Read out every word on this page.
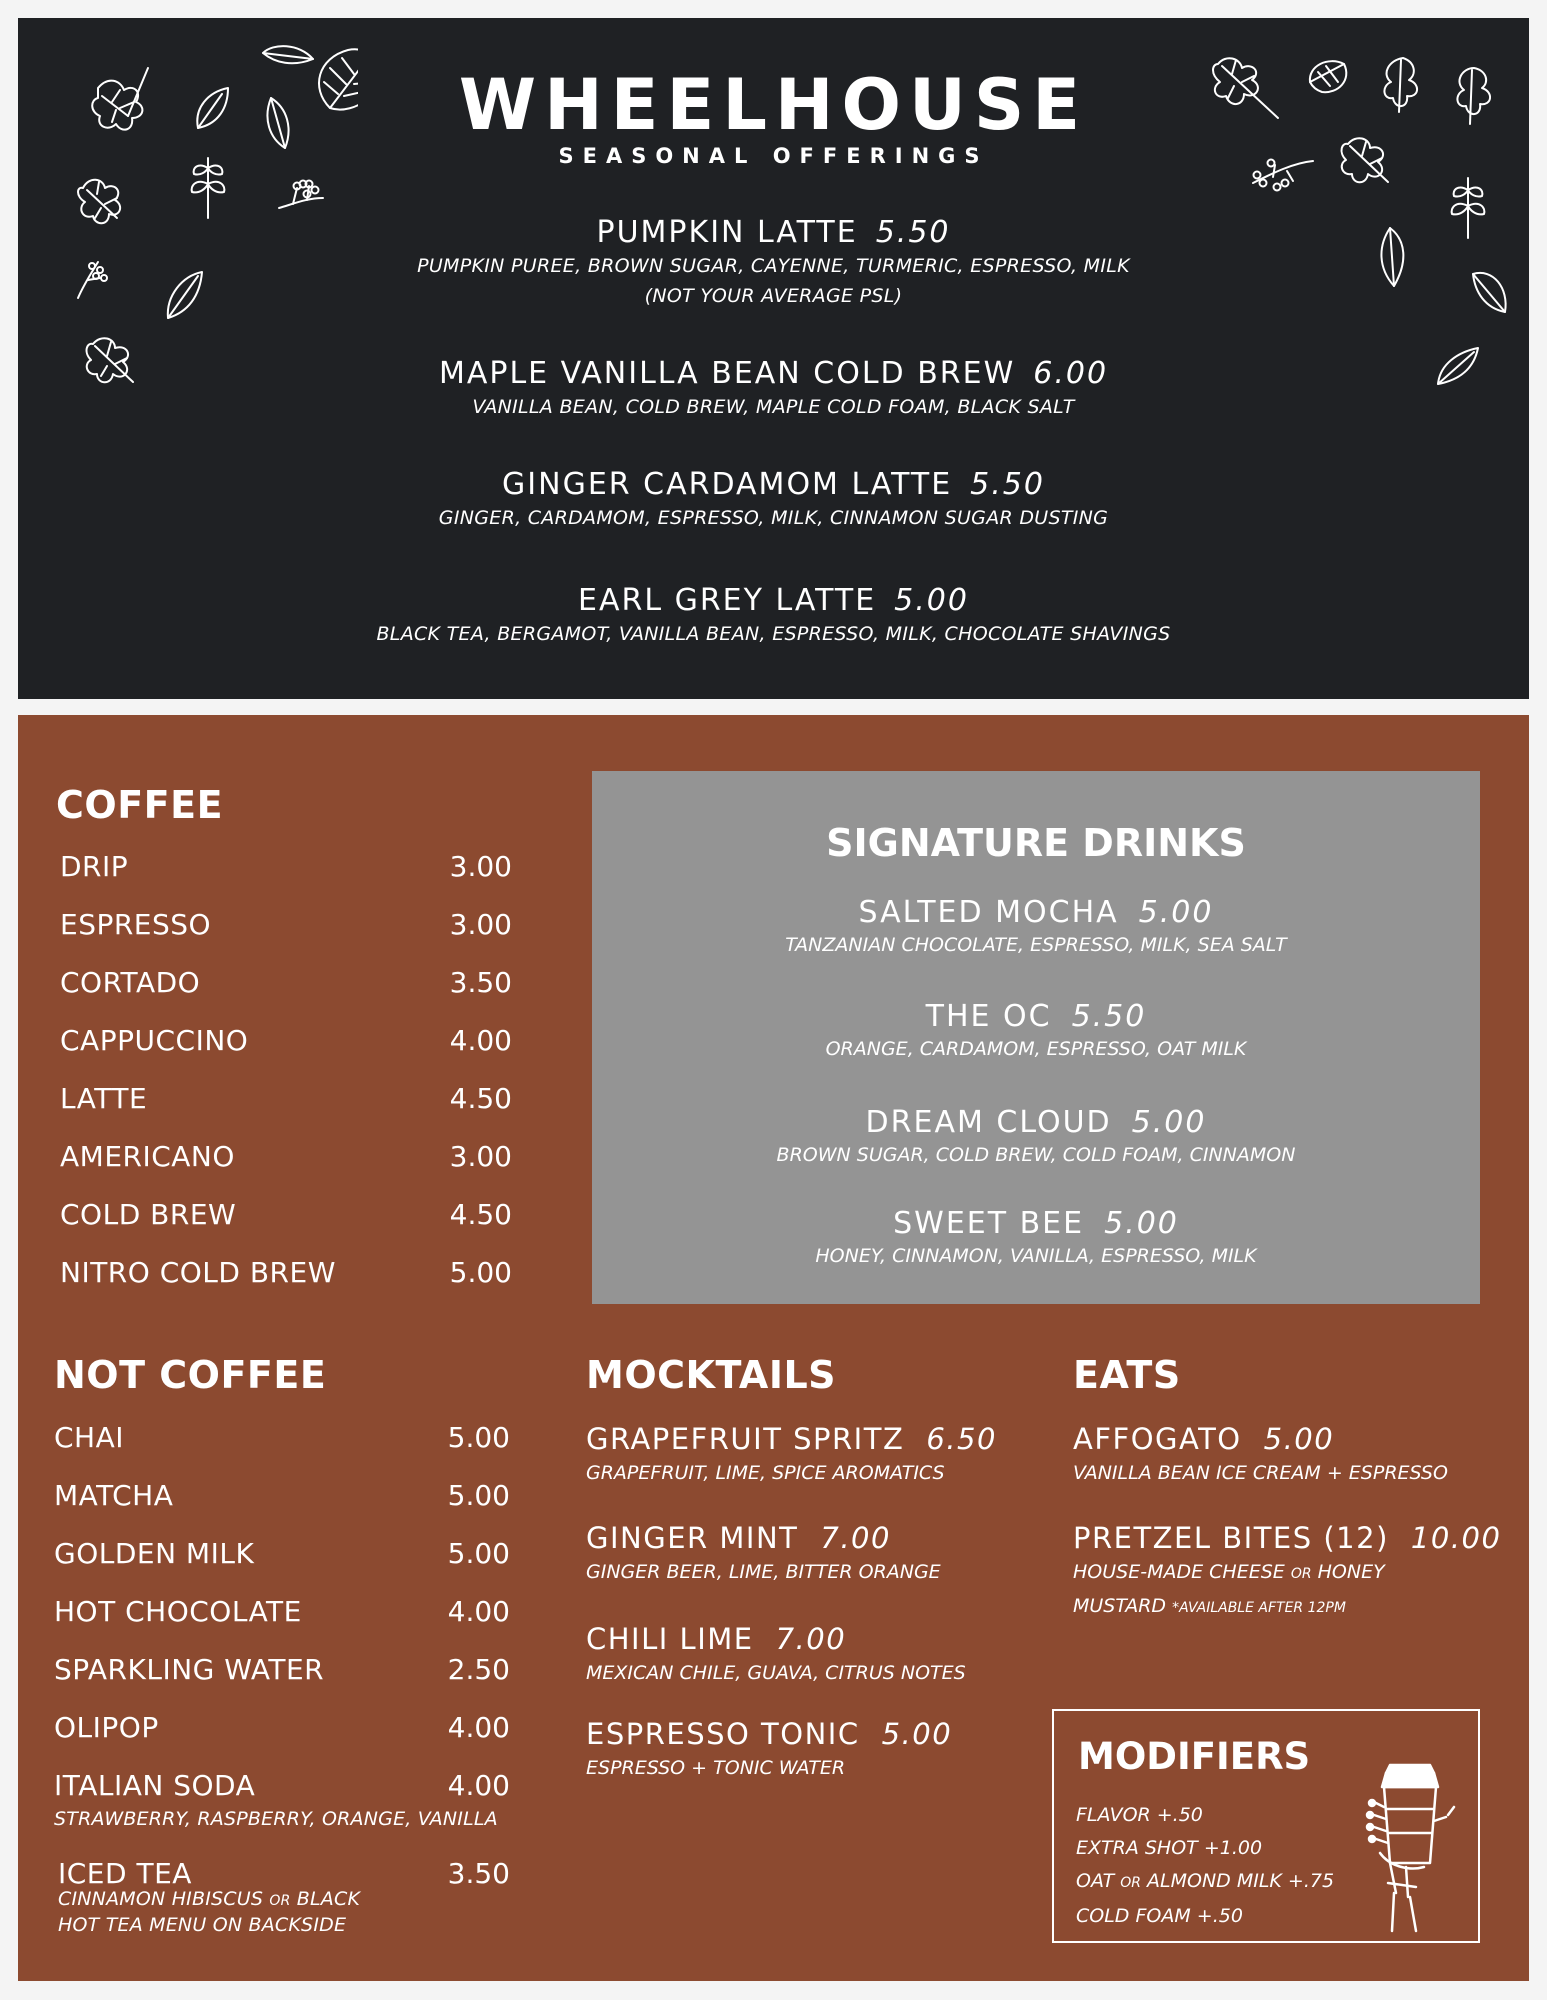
WHEELHOUSE
SEASONAL OFFERINGS
PUMPKIN LATTE 5.50
PUMPKIN PUREE, BROWN SUGAR, CAYENNE, TURMERIC, ESPRESSO, MILK
(NOT YOUR AVERAGE PSL)
MAPLE VANILLA BEAN COLD BREW 6.00
VANILLA BEAN, COLD BREW, MAPLE COLD FOAM, BLACK SALT
GINGER CARDAMOM LATTE 5.50
GINGER, CARDAMOM, ESPRESSO, MILK, CINNAMON SUGAR DUSTING
EARL GREY LATTE 5.00
BLACK TEA, BERGAMOT, VANILLA BEAN, ESPRESSO, MILK, CHOCOLATE SHAVINGS
COFFEE
DRIP	3.00
ESPRESSO	3.00
CORTADO	3.50
CAPPUCCINO	4.00
LATTE	4.50
AMERICANO	3.00
COLD BREW	4.50
NITRO COLD BREW	5.00
SIGNATURE DRINKS
SALTED MOCHA 5.00
TANZANIAN CHOCOLATE, ESPRESSO, MILK, SEA SALT
THE OC 5.50
ORANGE, CARDAMOM, ESPRESSO, OAT MILK
DREAM CLOUD 5.00
BROWN SUGAR, COLD BREW, COLD FOAM, CINNAMON
SWEET BEE 5.00
HONEY, CINNAMON, VANILLA, ESPRESSO, MILK
NOT COFFEE
CHAI	5.00
MATCHA	5.00
GOLDEN MILK	5.00
HOT CHOCOLATE	4.00
SPARKLING WATER	2.50
OLIPOP	4.00
ITALIAN SODA	4.00
STRAWBERRY, RASPBERRY, ORANGE, VANILLA
ICED TEA	3.50
CINNAMON HIBISCUS OR BLACK
HOT TEA MENU ON BACKSIDE
MOCKTAILS
GRAPEFRUIT SPRITZ 6.50
GRAPEFRUIT, LIME, SPICE AROMATICS
GINGER MINT 7.00
GINGER BEER, LIME, BITTER ORANGE
CHILI LIME 7.00
MEXICAN CHILE, GUAVA, CITRUS NOTES
ESPRESSO TONIC 5.00
ESPRESSO + TONIC WATER
EATS
AFFOGATO 5.00
VANILLA BEAN ICE CREAM + ESPRESSO
PRETZEL BITES (12) 10.00
HOUSE-MADE CHEESE OR HONEY
MUSTARD *AVAILABLE AFTER 12PM
MODIFIERS
FLAVOR +.50
EXTRA SHOT +1.00
OAT OR ALMOND MILK +.75
COLD FOAM +.50
